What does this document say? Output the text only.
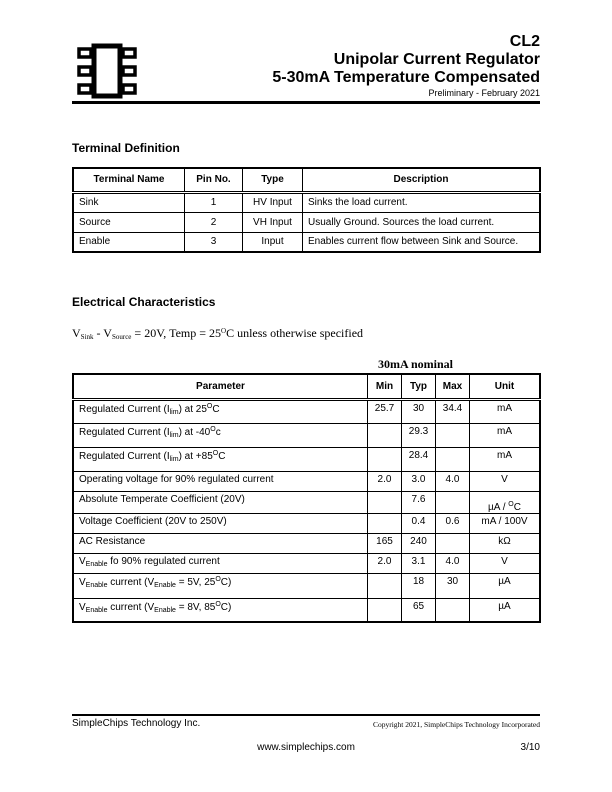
CL2
Unipolar Current Regulator
5-30mA Temperature Compensated
Preliminary - February 2021
Terminal Definition
Terminal Name	Pin No.	Type	Description
Sink	1	HV Input	Sinks the load current.
Source	2	VH Input	Usually Ground. Sources the load current.
Enable	3	Input	Enables current flow between Sink and Source.
Electrical Characteristics
$V_{Sink} - V_{Source} = 20V$, Temp = $25^OC$ unless otherwise specified
30mA nominal
Parameter	Min	Typ	Max	Unit
Regulated Current $(I_{lim})$ at $25^OC$	25.7	30	34.4	mA
Regulated Current $(I_{lim})$ at $-40^Oc$		29.3		mA
Regulated Current $(I_{lim})$ at $+85^OC$		28.4		mA
Operating voltage for 90% regulated current	2.0	3.0	4.0	V
Absolute Temperate Coefficient (20V)		7.6		µA / $^O$C
Voltage Coefficient (20V to 250V)		0.4	0.6	mA / 100V
AC Resistance	165	240		kΩ
$V_{Enable}$ fo 90% regulated current	2.0	3.1	4.0	V
$V_{Enable}$ current ($V_{Enable} = 5V$, $25^OC$)		18	30	µA
$V_{Enable}$ current ($V_{Enable} = 8V$, $85^OC$)		65		µA
SimpleChips Technology Inc.	Copyright 2021, SimpleChips Technology Incorporated
www.simplechips.com	3/10
